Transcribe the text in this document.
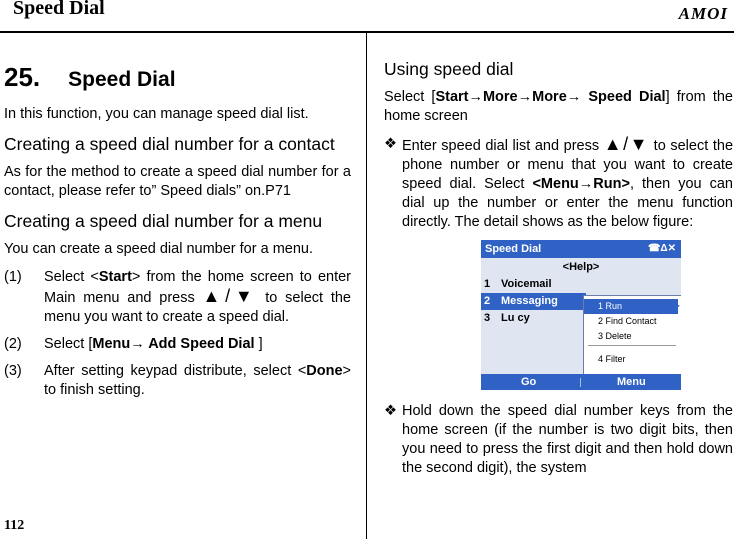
Speed Dial	AMOI
25. Speed Dial

In this function, you can manage speed dial list.

Creating a speed dial number for a contact

As for the method to create a speed dial number for a contact, please refer to” Speed dials” on.P71

Creating a speed dial number for a menu

You can create a speed dial number for a menu.

(1)	Select <Start> from the home screen to enter Main menu and press ▲/▼ to select the menu you want to create a speed dial.
(2)	Select [Menu→ Add Speed Dial ]
(3)	After setting keypad distribute, select <Done> to finish setting.
Using speed dial

Select [Start→More→More→ Speed Dial] from the home screen

❖ Enter speed dial list and press ▲/▼ to select the phone number or menu that you want to create speed dial. Select <Menu→Run>, then you can dial up the number or enter the menu function directly. The detail shows as the below figure:
Speed Dial	☎Δ✕
<Help>
1 Voicemail
2 Messaging
3 Lu cy
1 Run	▶
2 Find Contact
3 Delete
4 Filter
Go	Menu
❖ Hold down the speed dial number keys from the home screen (if the number is two digit bits, then you need to press the first digit and then hold down the second digit), the system
112
